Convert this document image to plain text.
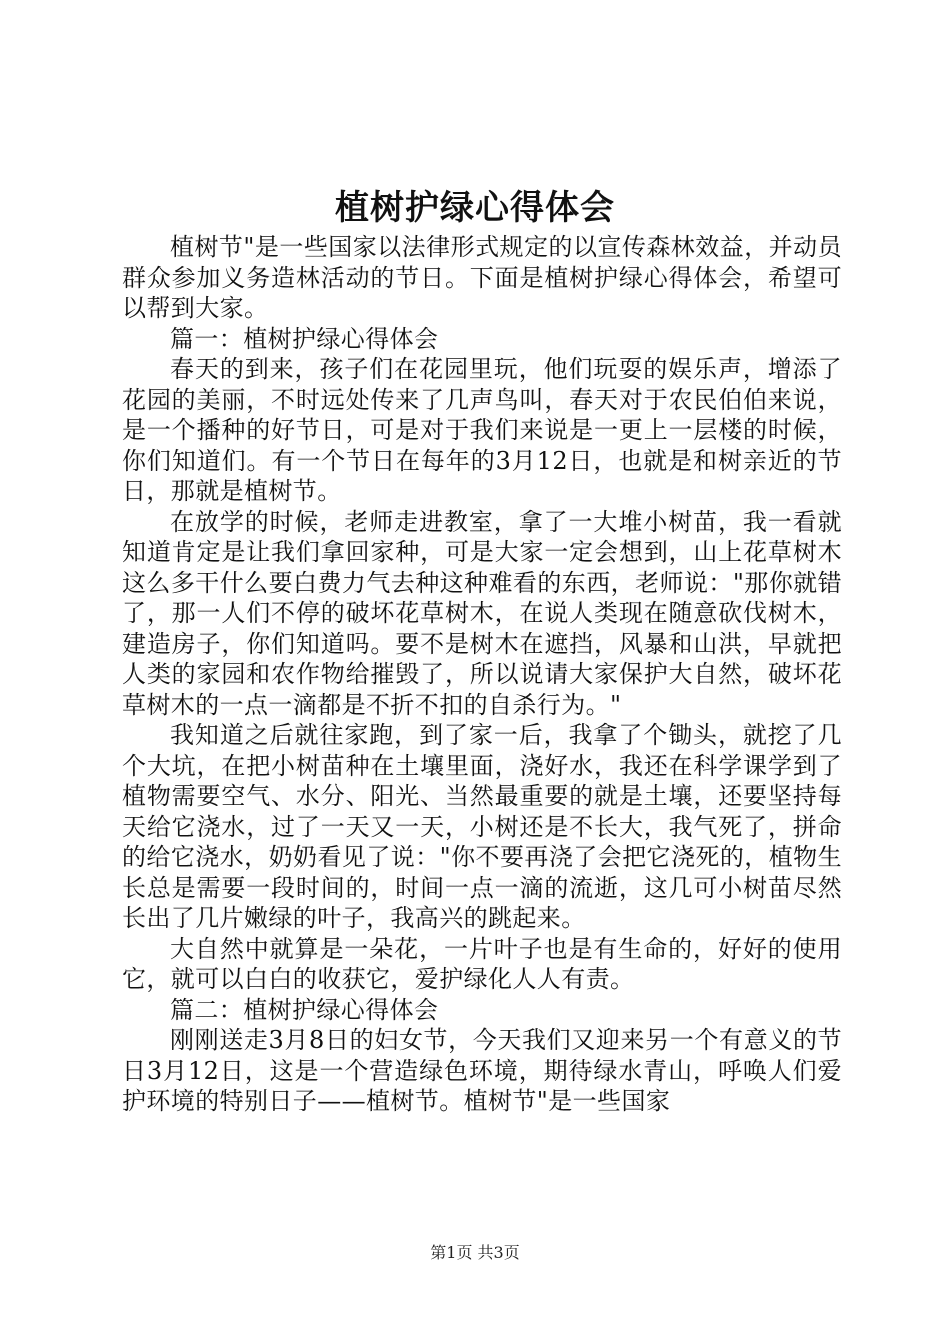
植树护绿心得体会

植树节"是一些国家以法律形式规定的以宣传森林效益，并动员群众参加义务造林活动的节日。下面是植树护绿心得体会，希望可以帮到大家。

篇一：植树护绿心得体会

春天的到来，孩子们在花园里玩，他们玩耍的娱乐声，增添了花园的美丽，不时远处传来了几声鸟叫，春天对于农民伯伯来说，是一个播种的好节日，可是对于我们来说是一更上一层楼的时候，你们知道们。有一个节日在每年的3月12日，也就是和树亲近的节日，那就是植树节。

在放学的时候，老师走进教室，拿了一大堆小树苗，我一看就知道肯定是让我们拿回家种，可是大家一定会想到，山上花草树木这么多干什么要白费力气去种这种难看的东西，老师说："那你就错了，那一人们不停的破坏花草树木，在说人类现在随意砍伐树木，建造房子，你们知道吗。要不是树木在遮挡，风暴和山洪，早就把人类的家园和农作物给摧毁了，所以说请大家保护大自然，破坏花草树木的一点一滴都是不折不扣的自杀行为。"

我知道之后就往家跑，到了家一后，我拿了个锄头，就挖了几个大坑，在把小树苗种在土壤里面，浇好水，我还在科学课学到了植物需要空气、水分、阳光、当然最重要的就是土壤，还要坚持每天给它浇水，过了一天又一天，小树还是不长大，我气死了，拼命的给它浇水，奶奶看见了说："你不要再浇了会把它浇死的，植物生长总是需要一段时间的，时间一点一滴的流逝，这几可小树苗尽然长出了几片嫩绿的叶子，我高兴的跳起来。

大自然中就算是一朵花，一片叶子也是有生命的，好好的使用它，就可以白白的收获它，爱护绿化人人有责。

篇二：植树护绿心得体会

刚刚送走3月8日的妇女节，今天我们又迎来另一个有意义的节日3月12日，这是一个营造绿色环境，期待绿水青山，呼唤人们爱护环境的特别日子——植树节。植树节"是一些国家

第1页 共3页
